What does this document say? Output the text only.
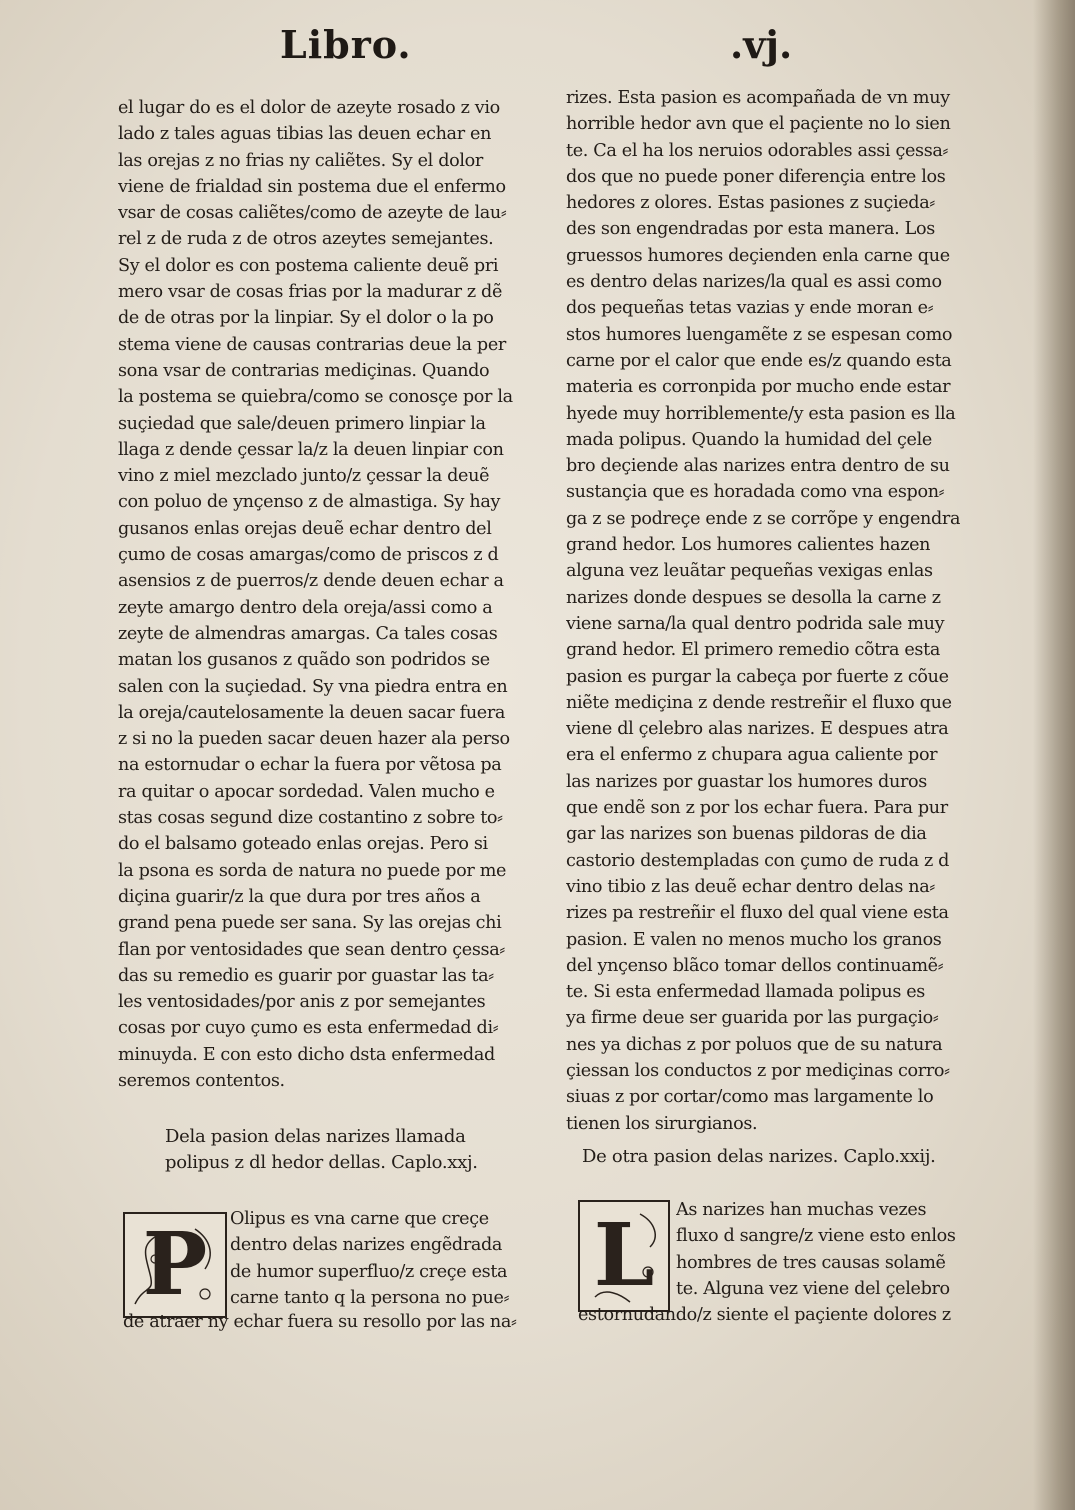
Libro.	.vj.
el lugar do es el dolor de azeyte rosado z vio
lado z tales aguas tibias las deuen echar en
las orejas z no frias ny caliẽtes. Sy el dolor
viene de frialdad sin postema due el enfermo
vsar de cosas caliẽtes/como de azeyte de lau⸗
rel z de ruda z de otros azeytes semejantes.
Sy el dolor es con postema caliente deuẽ pri
mero vsar de cosas frias por la madurar z dẽ
de de otras por la linpiar. Sy el dolor o la po
stema viene de causas contrarias deue la per
sona vsar de contrarias mediçinas. Quando
la postema se quiebra/como se conosçe por la
suçiedad que sale/deuen primero linpiar la
llaga z dende çessar la/z la deuen linpiar con
vino z miel mezclado junto/z çessar la deuẽ
con poluo de ynçenso z de almastiga. Sy hay
gusanos enlas orejas deuẽ echar dentro del
çumo de cosas amargas/como de priscos z d
asensios z de puerros/z dende deuen echar a
zeyte amargo dentro dela oreja/assi como a
zeyte de almendras amargas. Ca tales cosas
matan los gusanos z quãdo son podridos se
salen con la suçiedad. Sy vna piedra entra en
la oreja/cautelosamente la deuen sacar fuera
z si no la pueden sacar deuen hazer ala perso
na estornudar o echar la fuera por vẽtosa pa
ra quitar o apocar sordedad. Valen mucho e
stas cosas segund dize costantino z sobre to⸗
do el balsamo goteado enlas orejas. Pero si
la psona es sorda de natura no puede por me
diçina guarir/z la que dura por tres años a
grand pena puede ser sana. Sy las orejas chi
flan por ventosidades que sean dentro çessa⸗
das su remedio es guarir por guastar las ta⸗
les ventosidades/por anis z por semejantes
cosas por cuyo çumo es esta enfermedad di⸗
minuyda. E con esto dicho dsta enfermedad
seremos contentos.
Dela pasion delas narizes llamada
polipus z dl hedor dellas. Caplo.xxj.
P Olipus es vna carne que creçe
dentro delas narizes engẽdrada
de humor superfluo/z creçe esta
carne tanto q la persona no pue⸗
de atraer ny echar fuera su resollo por las na⸗
rizes. Esta pasion es acompañada de vn muy
horrible hedor avn que el paçiente no lo sien
te. Ca el ha los neruios odorables assi çessa⸗
dos que no puede poner diferençia entre los
hedores z olores. Estas pasiones z suçieda⸗
des son engendradas por esta manera. Los
gruessos humores deçienden enla carne que
es dentro delas narizes/la qual es assi como
dos pequeñas tetas vazias y ende moran e⸗
stos humores luengamẽte z se espesan como
carne por el calor que ende es/z quando esta
materia es corronpida por mucho ende estar
hyede muy horriblemente/y esta pasion es lla
mada polipus. Quando la humidad del çele
bro deçiende alas narizes entra dentro de su
sustançia que es horadada como vna espon⸗
ga z se podreçe ende z se corrõpe y engendra
grand hedor. Los humores calientes hazen
alguna vez leuãtar pequeñas vexigas enlas
narizes donde despues se desolla la carne z
viene sarna/la qual dentro podrida sale muy
grand hedor. El primero remedio cõtra esta
pasion es purgar la cabeça por fuerte z cõue
niẽte mediçina z dende restreñir el fluxo que
viene dl çelebro alas narizes. E despues atra
era el enfermo z chupara agua caliente por
las narizes por guastar los humores duros
que endẽ son z por los echar fuera. Para pur
gar las narizes son buenas pildoras de dia
castorio destempladas con çumo de ruda z d
vino tibio z las deuẽ echar dentro delas na⸗
rizes pa restreñir el fluxo del qual viene esta
pasion. E valen no menos mucho los granos
del ynçenso blãco tomar dellos continuamẽ⸗
te. Si esta enfermedad llamada polipus es
ya firme deue ser guarida por las purgaçio⸗
nes ya dichas z por poluos que de su natura
çiessan los conductos z por mediçinas corro⸗
siuas z por cortar/como mas largamente lo
tienen los sirurgianos.
De otra pasion delas narizes. Caplo.xxij.
L As narizes han muchas vezes
fluxo d sangre/z viene esto enlos
hombres de tres causas solamẽ
te. Alguna vez viene del çelebro
estornudando/z siente el paçiente dolores z
